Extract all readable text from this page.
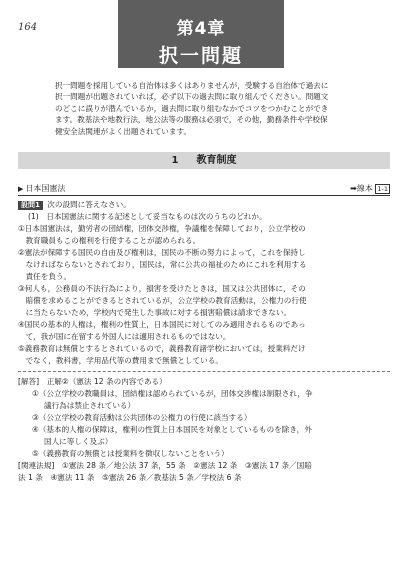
164	第4章
択一問題
択一問題を採用している自治体は多くはありませんが，受験する自治体で過去に
択一問題が出題されていれば，必ず以下の過去問に取り組んでください。問題文
のどこに誤りが潜んでいるか，過去問に取り組むなかでコツをつかむことができ
ます。教基法や地教行法，地公法等の服務は必須で，その他，勤務条件や学校保
健安全法関連がよく出題されています。
1 教育制度
▶ 日本国憲法	➡線本 1-1
設問1 次の設問に答えなさい。
(1)　日本国憲法に関する記述として妥当なものは次のうちのどれか。
①日本国憲法は，勤労者の団結権，団体交渉権，争議権を保障しており，公立学校の
　教育職員もこの権利を行使することが認められる。
②憲法が保障する国民の自由及び権利は，国民の不断の努力によって，これを保持し
　なければならないとされており，国民は，常に公共の福祉のためにこれを利用する
　責任を負う。
③何人も，公務員の不法行為により，損害を受けたときは，国又は公共団体に，その
　賠償を求めることができるとされているが，公立学校の教育活動は，公権力の行使
　に当たらないため，学校内で発生した事故に対する損害賠償は請求できない。
④国民の基本的人権は，権利の性質上，日本国民に対してのみ適用されるものであっ
　て，我が国に在留する外国人には適用されるものではない。
⑤義務教育は無償とするとされているので，義務教育諸学校においては，授業料だけ
　でなく，教科書，学用品代等の費用まで無償としている。
[解答]　正解②（憲法 12 条の内容である）
①（公立学校の教職員は，団結権は認められているが，団体交渉権は制限され，争
議行為は禁止されている）
③（公立学校の教育活動は公共団体の公権力の行使に該当する）
④（基本的人権の保障は，権利の性質上日本国民を対象としているものを除き，外
国人に等しく及ぶ）
⑤（義務教育の無償とは授業料を徴収しないことをいう）
[関連法規]　①憲法 28 条／地公法 37 条，55 条　②憲法 12 条　③憲法 17 条／国賠
法 1 条　④憲法 11 条　⑤憲法 26 条／教基法 5 条／学校法 6 条
